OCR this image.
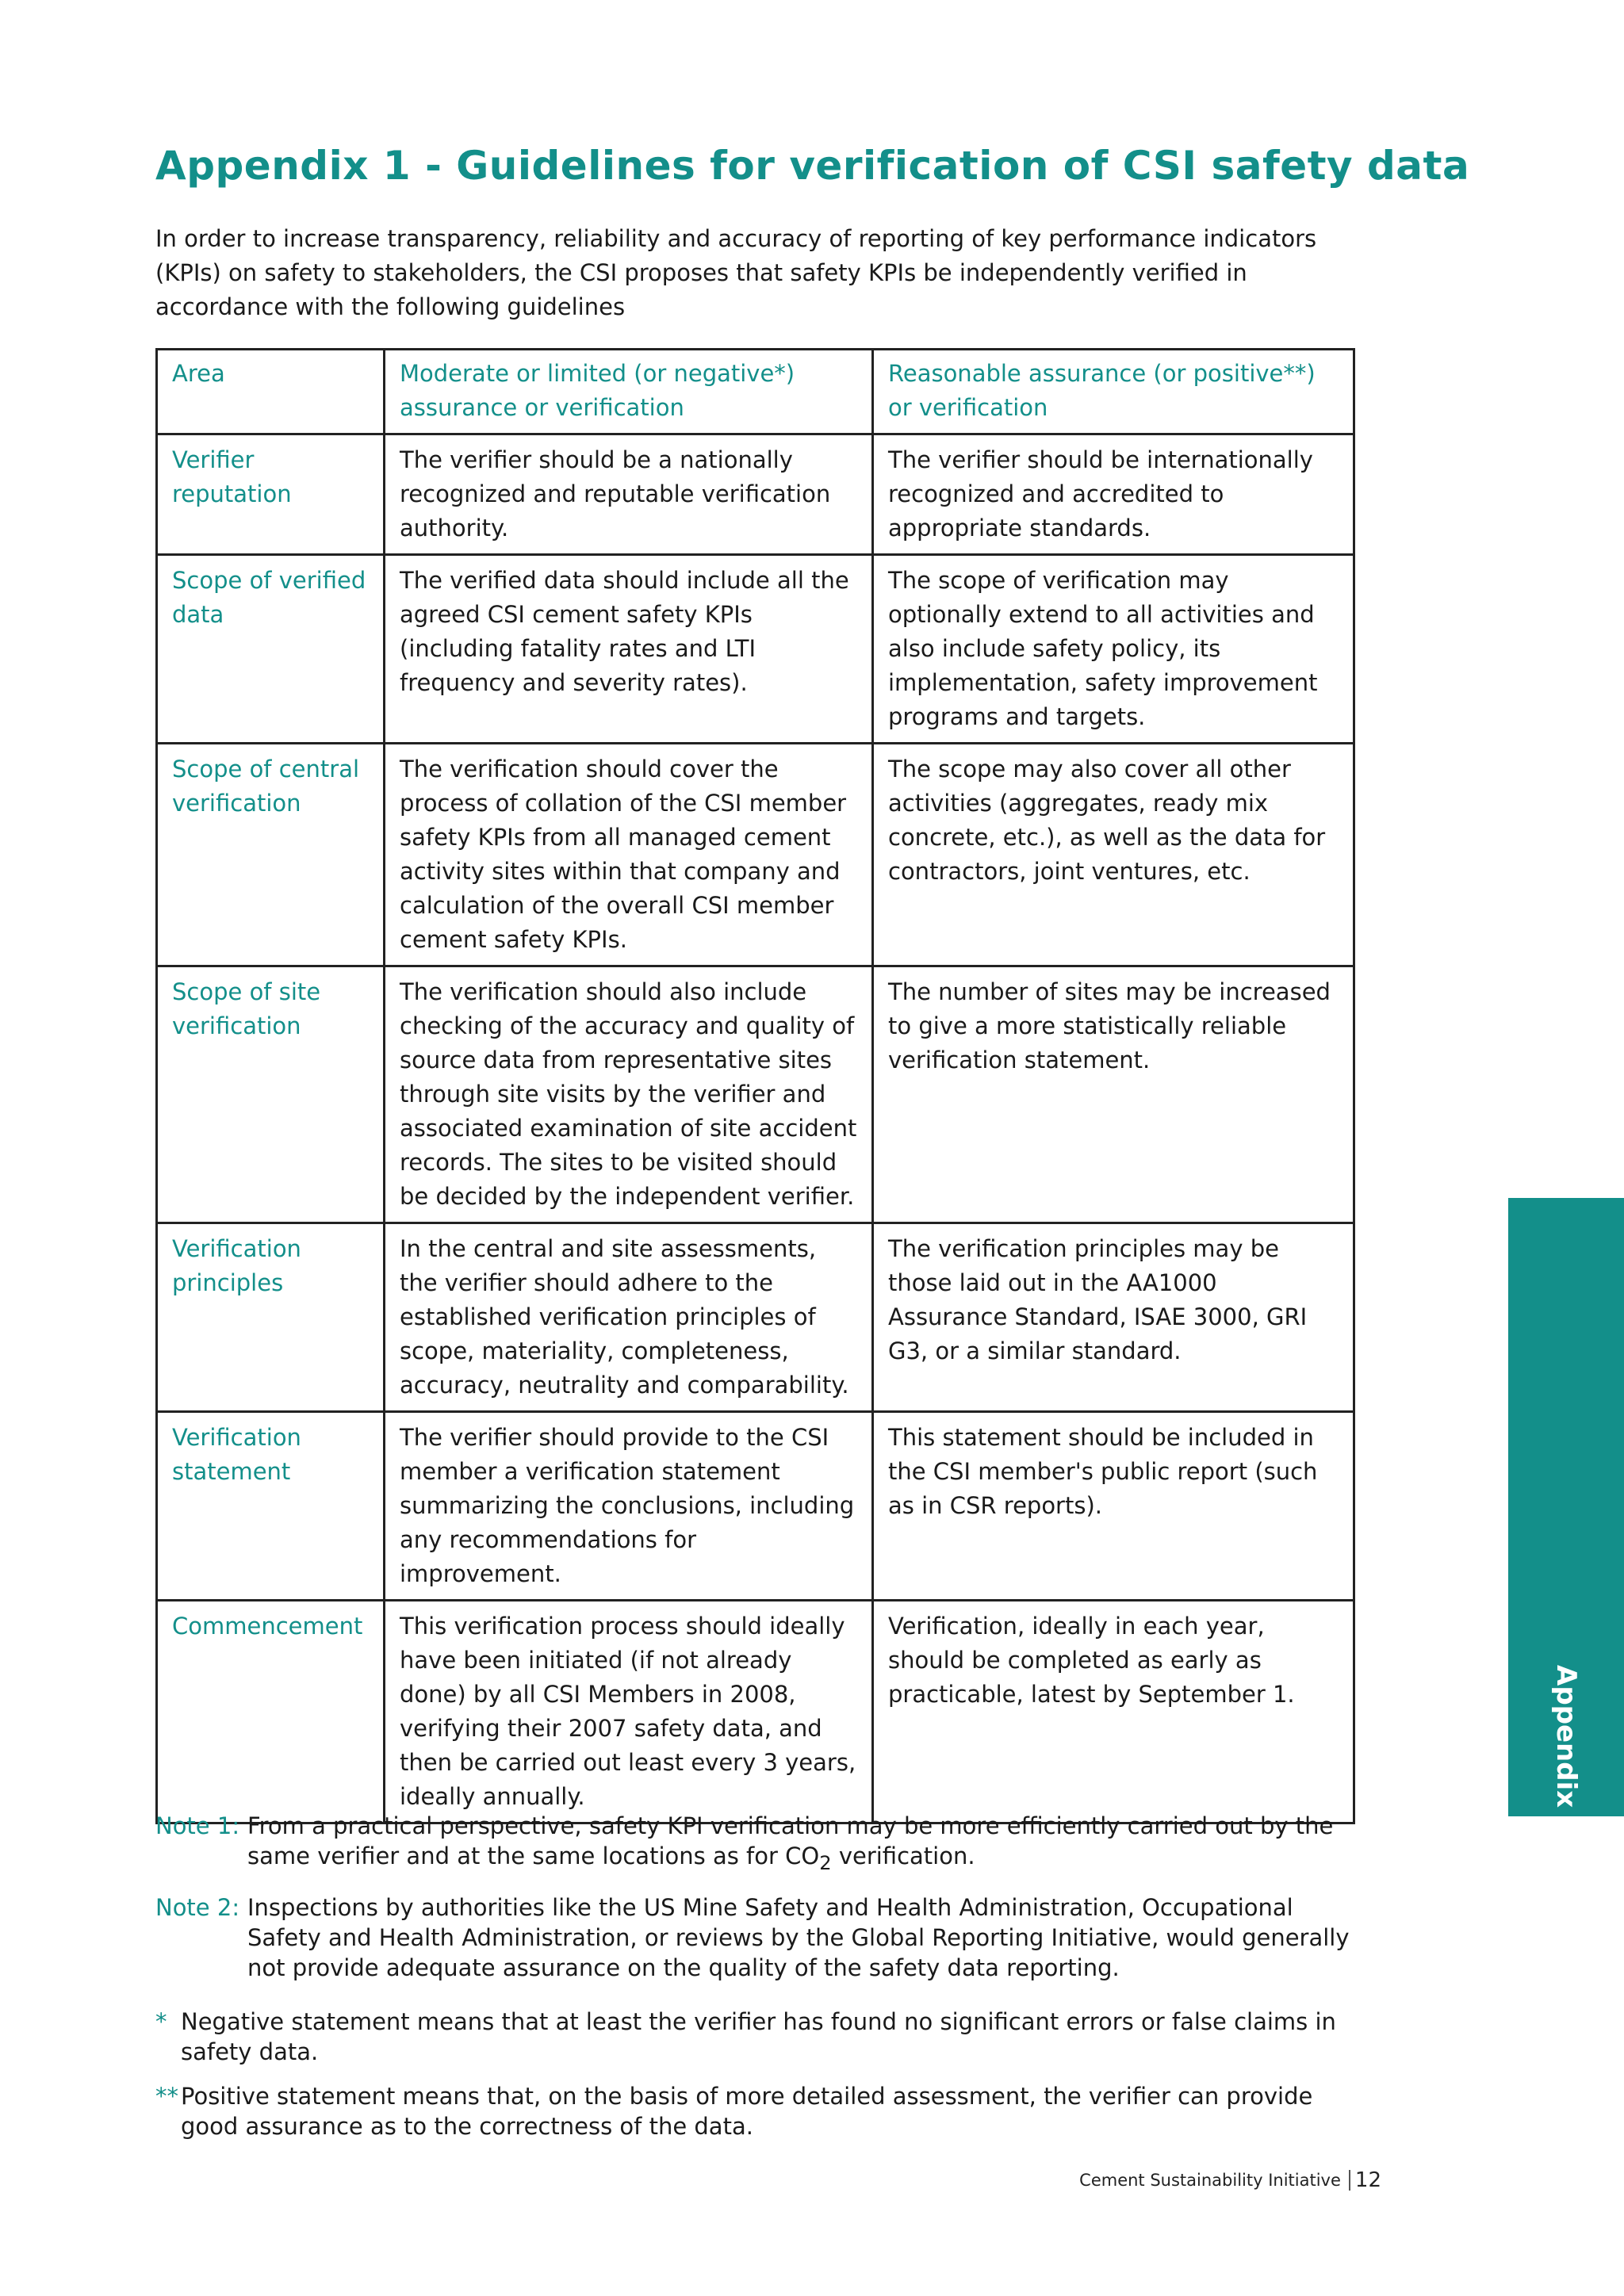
Appendix 1 - Guidelines for verification of CSI safety data

In order to increase transparency, reliability and accuracy of reporting of key performance indicators (KPIs) on safety to stakeholders, the CSI proposes that safety KPIs be independently verified in accordance with the following guidelines

Area	Moderate or limited (or negative*) assurance or verification	Reasonable assurance (or positive**) or verification
Verifier reputation	The verifier should be a nationally recognized and reputable verification authority.	The verifier should be internationally recognized and accredited to appropriate standards.
Scope of verified data	The verified data should include all the agreed CSI cement safety KPIs (including fatality rates and LTI frequency and severity rates).	The scope of verification may optionally extend to all activities and also include safety policy, its implementation, safety improvement programs and targets.
Scope of central verification	The verification should cover the process of collation of the CSI member safety KPIs from all managed cement activity sites within that company and calculation of the overall CSI member cement safety KPIs.	The scope may also cover all other activities (aggregates, ready mix concrete, etc.), as well as the data for contractors, joint ventures, etc.
Scope of site verification	The verification should also include checking of the accuracy and quality of source data from representative sites through site visits by the verifier and associated examination of site accident records. The sites to be visited should be decided by the independent verifier.	The number of sites may be increased to give a more statistically reliable verification statement.
Verification principles	In the central and site assessments, the verifier should adhere to the established verification principles of scope, materiality, completeness, accuracy, neutrality and comparability.	The verification principles may be those laid out in the AA1000 Assurance Standard, ISAE 3000, GRI G3, or a similar standard.
Verification statement	The verifier should provide to the CSI member a verification statement summarizing the conclusions, including any recommendations for improvement.	This statement should be included in the CSI member's public report (such as in CSR reports).
Commencement	This verification process should ideally have been initiated (if not already done) by all CSI Members in 2008, verifying their 2007 safety data, and then be carried out least every 3 years, ideally annually.	Verification, ideally in each year, should be completed as early as practicable, latest by September 1.
Note 1: From a practical perspective, safety KPI verification may be more efficiently carried out by the same verifier and at the same locations as for $CO_2$ verification.
Note 2: Inspections by authorities like the US Mine Safety and Health Administration, Occupational Safety and Health Administration, or reviews by the Global Reporting Initiative, would generally not provide adequate assurance on the quality of the safety data reporting.
* Negative statement means that at least the verifier has found no significant errors or false claims in safety data.
** Positive statement means that, on the basis of more detailed assessment, the verifier can provide good assurance as to the correctness of the data.
Cement Sustainability Initiative 12
Appendix 1
